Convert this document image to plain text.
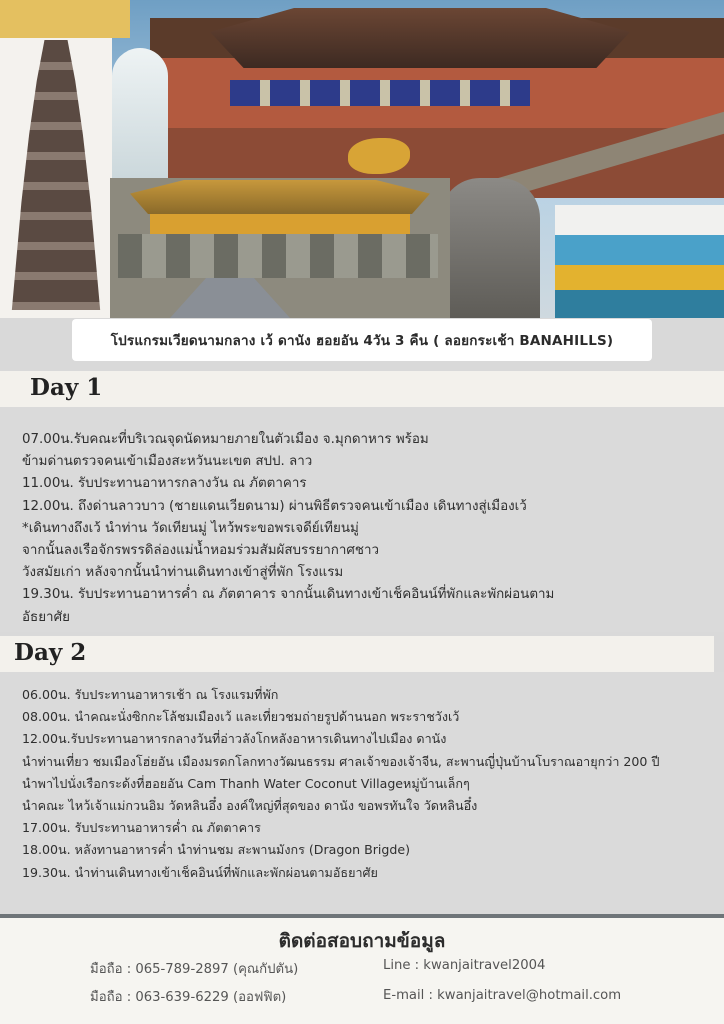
โปรแกรมเวียดนามกลาง เว้ ดานัง ฮอยอัน 4วัน 3 คืน ( ลอยกระเช้า BANAHILLS)
Day 1
07.00น.รับคณะที่บริเวณจุดนัดหมายภายในตัวเมือง จ.มุกดาหาร พร้อม
ข้ามด่านตรวจคนเข้าเมืองสะหวันนะเขต สปป. ลาว
11.00น. รับประทานอาหารกลางวัน ณ ภัตตาคาร
12.00น. ถึงด่านลาวบาว (ชายแดนเวียดนาม) ผ่านพิธีตรวจคนเข้าเมือง เดินทางสู่เมืองเว้
*เดินทางถึงเว้ นำท่าน วัดเทียนมู่ ไหว้พระขอพรเจดีย์เทียนมู่
จากนั้นลงเรือจักรพรรดิล่องแม่น้ำหอมร่วมสัมผัสบรรยากาศชาว
วังสมัยเก่า หลังจากนั้นนำท่านเดินทางเข้าสู่ที่พัก โรงแรม
19.30น. รับประทานอาหารค่ำ ณ ภัตตาคาร จากนั้นเดินทางเข้าเช็คอินน์ที่พักและพักผ่อนตาม
อัธยาศัย
Day 2
06.00น. รับประทานอาหารเช้า ณ โรงแรมที่พัก
08.00น. นำคณะนั่งซิกกะโล้ชมเมืองเว้ และเที่ยวชมถ่ายรูปด้านนอก พระราชวังเว้
12.00น.รับประทานอาหารกลางวันที่อ่าวลังโกหลังอาหารเดินทางไปเมือง ดานัง
นำท่านเที่ยว ชมเมืองโฮ่ยอัน เมืองมรดกโลกทางวัฒนธรรม ศาลเจ้าของเจ้าจีน, สะพานญี่ปุ่นบ้านโบราณอายุกว่า 200 ปี
นำพาไปนั่งเรือกระด้งที่ฮอยอัน Cam Thanh Water Coconut Villageหมู่บ้านเล็กๆ
นำคณะ ไหว้เจ้าแม่กวนอิม วัดหลินอึ๋ง องค์ใหญ่ที่สุดของ ดานัง ขอพรทันใจ วัดหลินอึ๋ง
17.00น. รับประทานอาหารค่ำ ณ ภัตตาคาร
18.00น. หลังทานอาหารค่ำ นำท่านชม สะพานมังกร (Dragon Brigde)
19.30น. นำท่านเดินทางเข้าเช็คอินน์ที่พักและพักผ่อนตามอัธยาศัย
ติดต่อสอบถามข้อมูล
มือถือ : 065-789-2897 (คุณกัปตัน)
มือถือ : 063-639-6229 (ออฟฟิต)
Line : kwanjaitravel2004
E-mail : kwanjaitravel@hotmail.com
